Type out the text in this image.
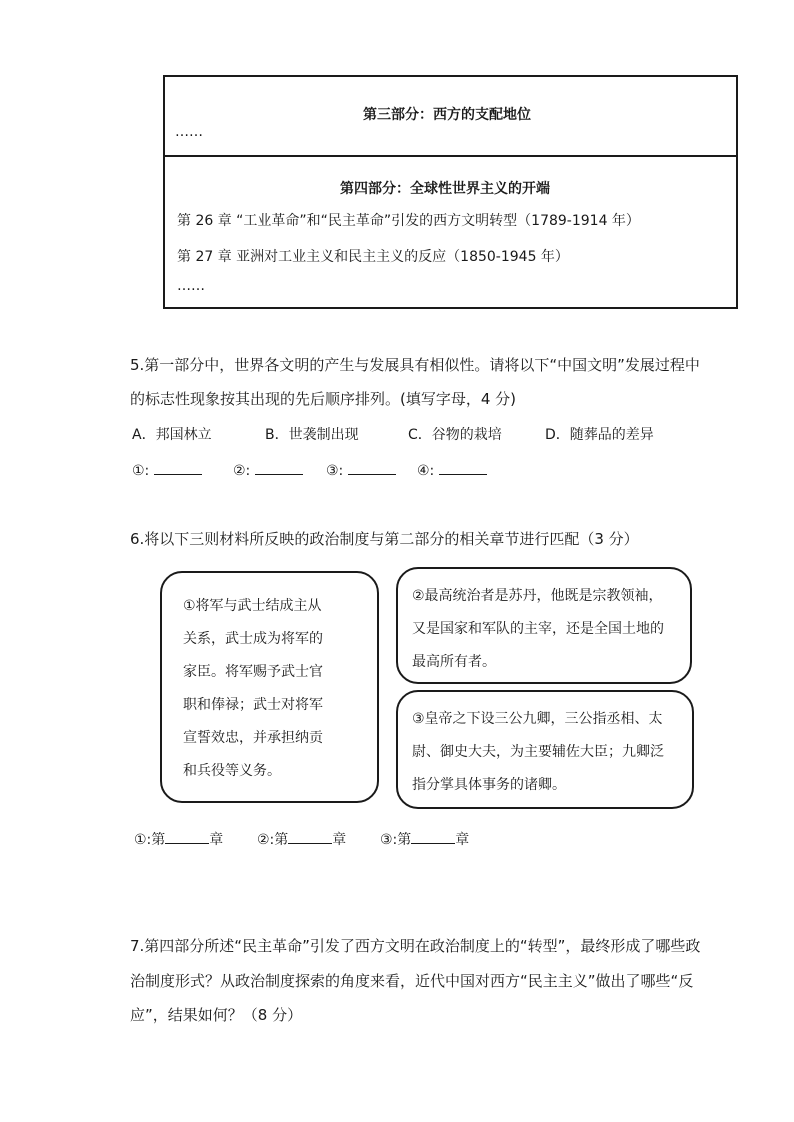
第三部分：西方的支配地位
……
第四部分：全球性世界主义的开端
第 26 章 “工业革命”和“民主革命”引发的西方文明转型（1789-1914 年）
第 27 章 亚洲对工业主义和民主主义的反应（1850-1945 年）
……
5.第一部分中，世界各文明的产生与发展具有相似性。请将以下“中国文明”发展过程中
的标志性现象按其出现的先后顺序排列。(填写字母，4 分)
A．邦国林立	B．世袭制出现	C．谷物的栽培	D．随葬品的差异
①:	②:	③:	④:
6.将以下三则材料所反映的政治制度与第二部分的相关章节进行匹配（3 分）
①将军与武士结成主从
关系，武士成为将军的
家臣。将军赐予武士官
职和俸禄；武士对将军
宣誓效忠，并承担纳贡
和兵役等义务。
②最高统治者是苏丹，他既是宗教领袖，
又是国家和军队的主宰，还是全国土地的
最高所有者。
③皇帝之下设三公九卿，三公指丞相、太
尉、御史大夫，为主要辅佐大臣；九卿泛
指分掌具体事务的诸卿。
①:第	章 ②:第	章 ③:第	章
7.第四部分所述“民主革命”引发了西方文明在政治制度上的“转型”，最终形成了哪些政
治制度形式？从政治制度探索的角度来看，近代中国对西方“民主主义”做出了哪些“反
应”，结果如何？（8 分）
